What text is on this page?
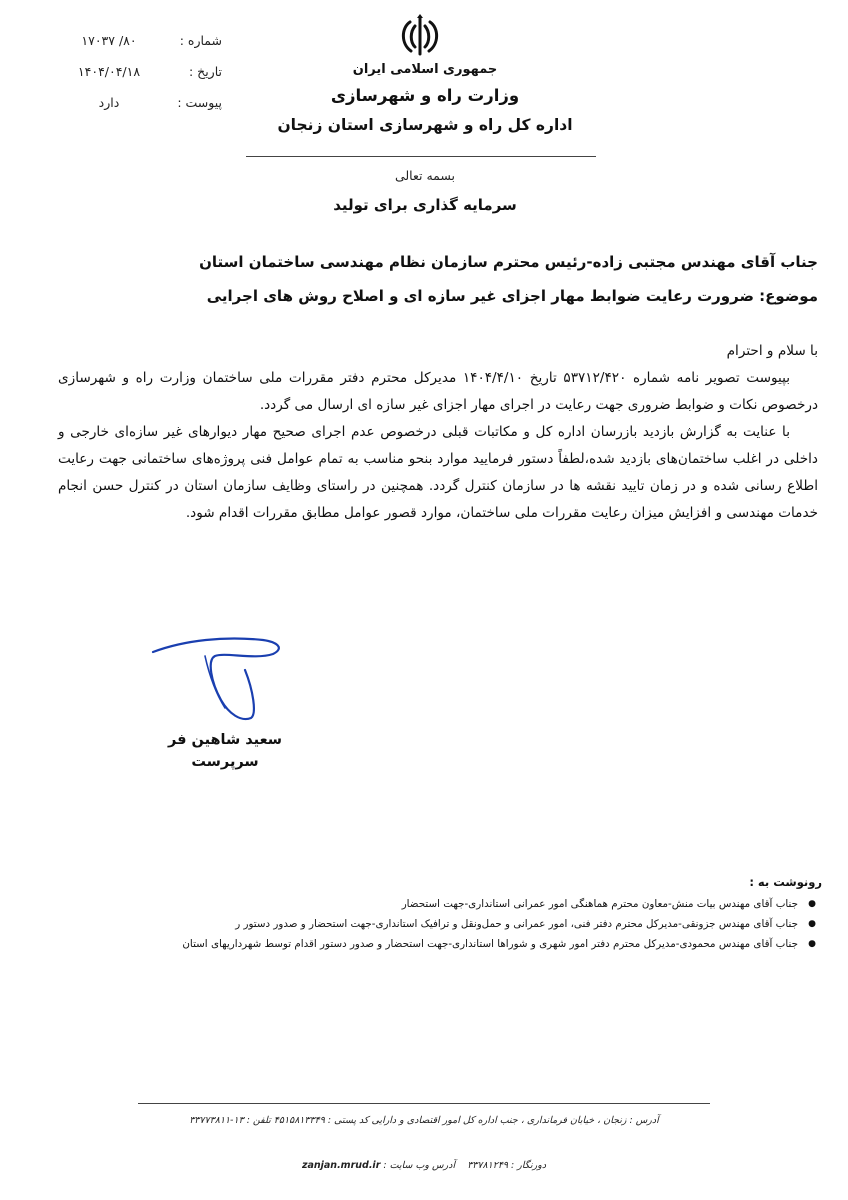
شماره :
۸۰/ ۱۷۰۳۷
تاریخ :
۱۴۰۴/۰۴/۱۸
پیوست :
دارد
جمهوری اسلامی ایران
وزارت راه و شهرسازی
اداره کل راه و شهرسازی استان زنجان
بسمه تعالی
سرمایه گذاری برای تولید
جناب آقای مهندس مجتبی زاده-رئیس محترم سازمان نظام مهندسی ساختمان استان
موضوع: ضرورت رعایت ضوابط مهار اجزای غیر سازه ای و اصلاح روش های اجرایی

با سلام و احترام

بپیوست تصویر نامه شماره ۵۳۷۱۲/۴۲۰ تاریخ ۱۴۰۴/۴/۱۰ مدیرکل محترم دفتر مقررات ملی ساختمان وزارت راه و شهرسازی درخصوص نکات و ضوابط ضروری جهت رعایت در اجرای مهار اجزای غیر سازه ای ارسال می گردد.

با عنایت به گزارش بازدید بازرسان اداره کل و مکاتبات قبلی درخصوص عدم اجرای صحیح مهار دیوارهای غیر سازه‌ای خارجی و داخلی در اغلب ساختمان‌های بازدید شده،لطفاً دستور فرمایید موارد بنحو مناسب به تمام عوامل فنی پروژه‌های ساختمانی جهت رعایت اطلاع رسانی شده و در زمان تایید نقشه ها در سازمان کنترل گردد. همچنین در راستای وظایف سازمان استان در کنترل حسن انجام خدمات مهندسی و افزایش میزان رعایت مقررات ملی ساختمان، موارد قصور عوامل مطابق مقررات اقدام شود.

سعید شاهین فر
سرپرست
رونوشت به :
●
جناب آقای مهندس بیات منش-معاون محترم هماهنگی امور عمرانی استانداری-جهت استحضار
●
جناب آقای مهندس جزونقی-مدیرکل محترم دفتر فنی، امور عمرانی و حمل‌ونقل و ترافیک استانداری-جهت استحضار و صدور دستور ر
●
جناب آقای مهندس محمودی-مدیرکل محترم دفتر امور شهری و شوراها استانداری-جهت استحضار و صدور دستور اقدام توسط شهرداریهای استان
آدرس : زنجان ، خیابان فرمانداری ، جنب اداره کل امور اقتصادی و دارایی کد پستی : ۴۵۱۵۸۱۳۳۴۹ تلفن : ۱۳-۳۳۷۷۳۸۱۱
دورنگار : ۳۳۷۸۱۲۴۹    آدرس وب سایت : zanjan.mrud.ir
